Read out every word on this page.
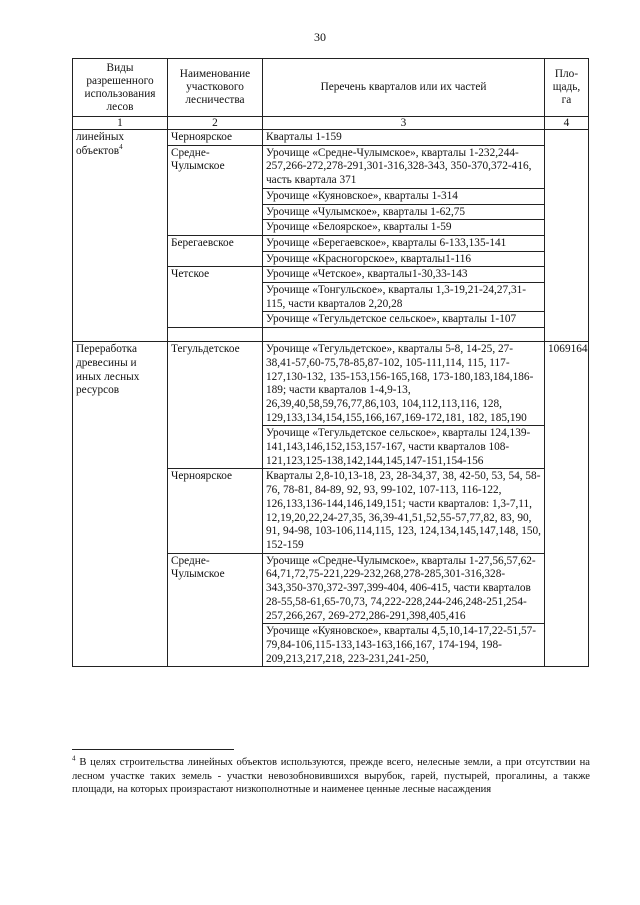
30
Виды разрешенного использования лесов	Наименование участкового лесничества	Перечень кварталов или их частей	Пло-щадь, га
1	2	3	4
линейных объектов$^4$	Черноярское	Кварталы 1-159	
	Средне-Чулымское	Урочище «Средне-Чулымское», кварталы 1-232,244-257,266-272,278-291,301-316,328-343, 350-370,372-416, часть квартала 371	
		Урочище «Куяновское», кварталы 1-314	
		Урочище «Чулымское», кварталы 1-62,75	
		Урочище «Белоярское», кварталы 1-59	
	Берегаевское	Урочище «Берегаевское», кварталы 6-133,135-141	
		Урочище «Красногорское», кварталы1-116	
	Четское	Урочище «Четское», кварталы1-30,33-143	
		Урочище «Тонгульское», кварталы 1,3-19,21-24,27,31-115, части кварталов 2,20,28	
		Урочище «Тегульдетское сельское», кварталы 1-107	

Переработка древесины и иных лесных ресурсов	Тегульдетское	Урочище «Тегульдетское», кварталы 5-8, 14-25, 27-38,41-57,60-75,78-85,87-102, 105-111,114, 115, 117-127,130-132, 135-153,156-165,168, 173-180,183,184,186-189; части кварталов 1-4,9-13, 26,39,40,58,59,76,77,86,103, 104,112,113,116, 128, 129,133,134,154,155,166,167,169-172,181, 182, 185,190	1069164
		Урочище «Тегульдетское сельское», кварталы 124,139-141,143,146,152,153,157-167, части кварталов 108-121,123,125-138,142,144,145,147-151,154-156	
	Черноярское	Кварталы 2,8-10,13-18, 23, 28-34,37, 38, 42-50, 53, 54, 58-76, 78-81, 84-89, 92, 93, 99-102, 107-113, 116-122, 126,133,136-144,146,149,151; части кварталов: 1,3-7,11, 12,19,20,22,24-27,35, 36,39-41,51,52,55-57,77,82, 83, 90, 91, 94-98, 103-106,114,115, 123, 124,134,145,147,148, 150, 152-159	
	Средне-Чулымское	Урочище «Средне-Чулымское», кварталы 1-27,56,57,62-64,71,72,75-221,229-232,268,278-285,301-316,328-343,350-370,372-397,399-404, 406-415, части кварталов 28-55,58-61,65-70,73, 74,222-228,244-246,248-251,254-257,266,267, 269-272,286-291,398,405,416	
		Урочище «Куяновское», кварталы 4,5,10,14-17,22-51,57-79,84-106,115-133,143-163,166,167, 174-194, 198-209,213,217,218, 223-231,241-250,	
$^4$ В целях строительства линейных объектов используются, прежде всего, нелесные земли, а при отсутствии на лесном участке таких земель - участки невозобновившихся вырубок, гарей, пустырей, прогалины, а также площади, на которых произрастают низкополнотные и наименее ценные лесные насаждения
